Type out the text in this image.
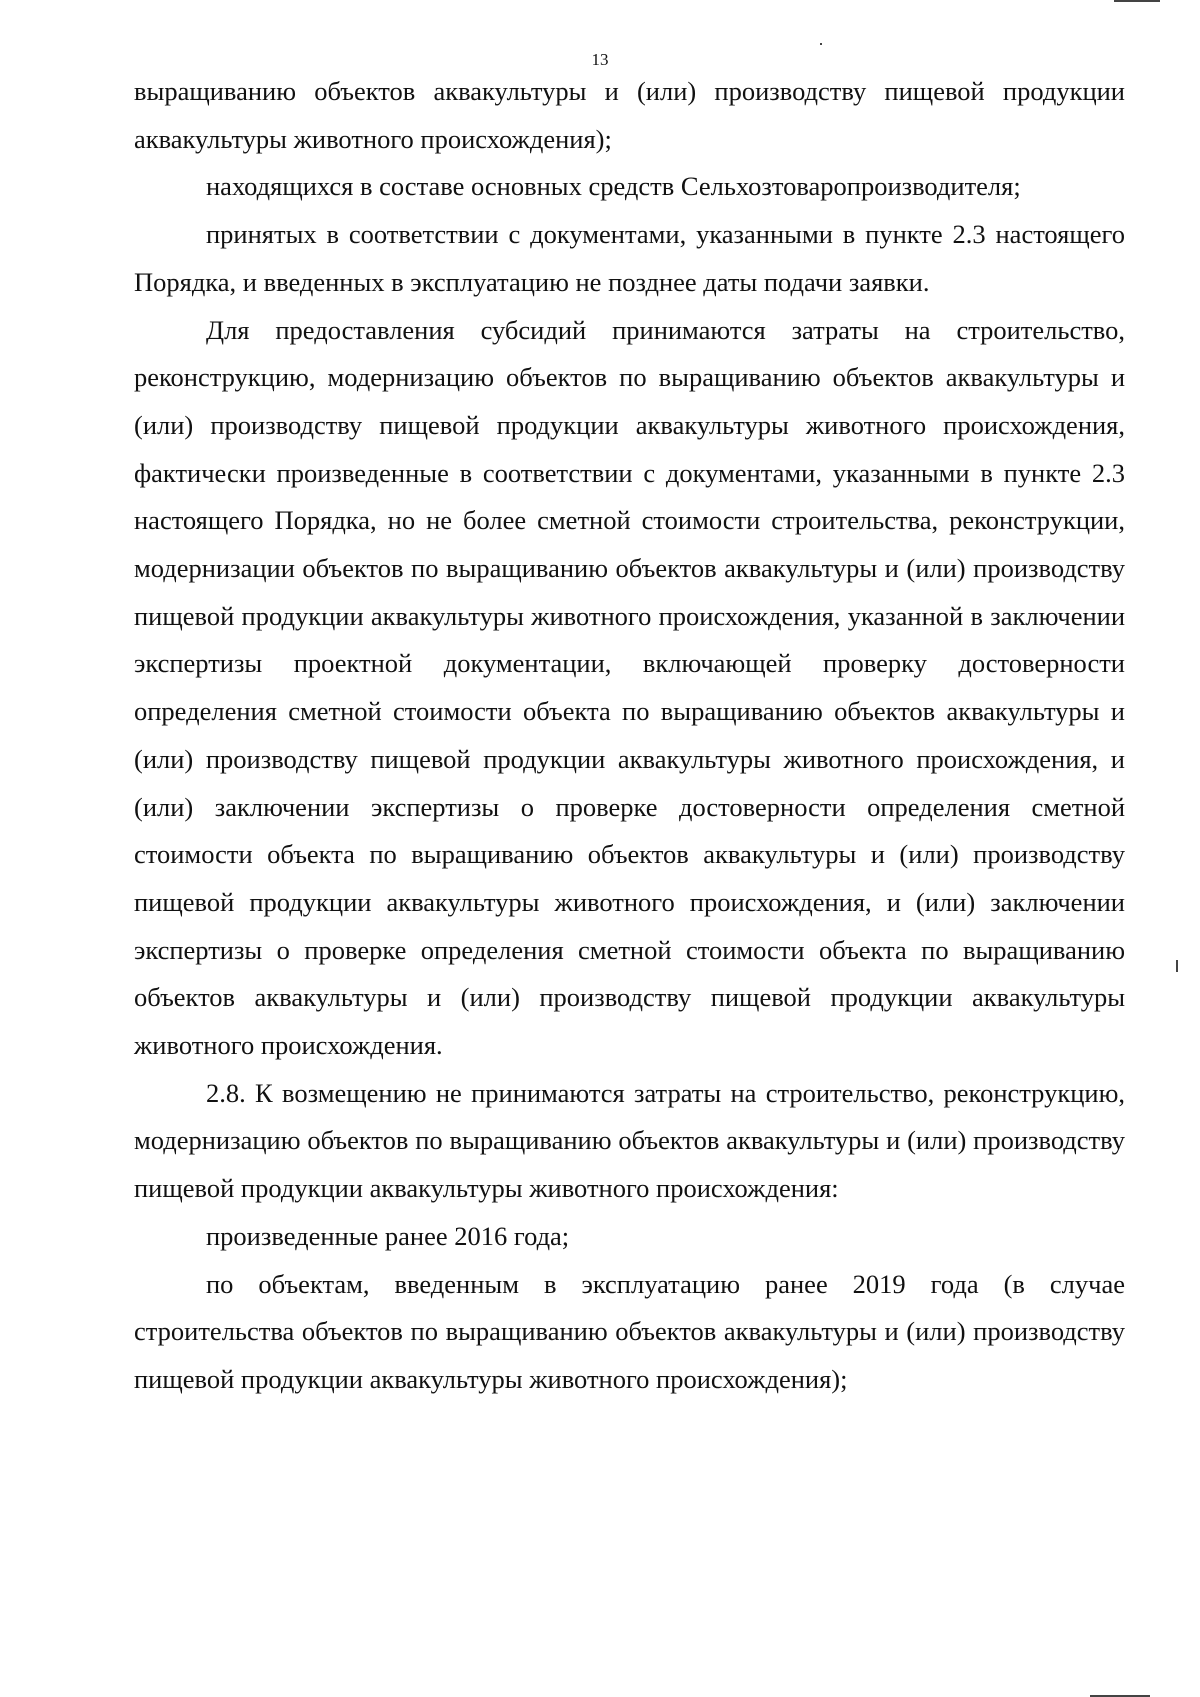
13

выращиванию объектов аквакультуры и (или) производству пищевой продукции аквакультуры животного происхождения);

находящихся в составе основных средств Сельхозтоваропроизводителя;

принятых в соответствии с документами, указанными в пункте 2.3 настоящего Порядка, и введенных в эксплуатацию не позднее даты подачи заявки.

Для предоставления субсидий принимаются затраты на строительство, реконструкцию, модернизацию объектов по выращиванию объектов аквакультуры и (или) производству пищевой продукции аквакультуры животного происхождения, фактически произведенные в соответствии с документами, указанными в пункте 2.3 настоящего Порядка, но не более сметной стоимости строительства, реконструкции, модернизации объектов по выращиванию объектов аквакультуры и (или) производству пищевой продукции аквакультуры животного происхождения, указанной в заключении экспертизы проектной документации, включающей проверку достоверности определения сметной стоимости объекта по выращиванию объектов аквакультуры и (или) производству пищевой продукции аквакультуры животного происхождения, и (или) заключении экспертизы о проверке достоверности определения сметной стоимости объекта по выращиванию объектов аквакультуры и (или) производству пищевой продукции аквакультуры животного происхождения, и (или) заключении экспертизы о проверке определения сметной стоимости объекта по выращиванию объектов аквакультуры и (или) производству пищевой продукции аквакультуры животного происхождения.

2.8. К возмещению не принимаются затраты на строительство, реконструкцию, модернизацию объектов по выращиванию объектов аквакультуры и (или) производству пищевой продукции аквакультуры животного происхождения:

произведенные ранее 2016 года;

по объектам, введенным в эксплуатацию ранее 2019 года (в случае строительства объектов по выращиванию объектов аквакультуры и (или) производству пищевой продукции аквакультуры животного происхождения);
